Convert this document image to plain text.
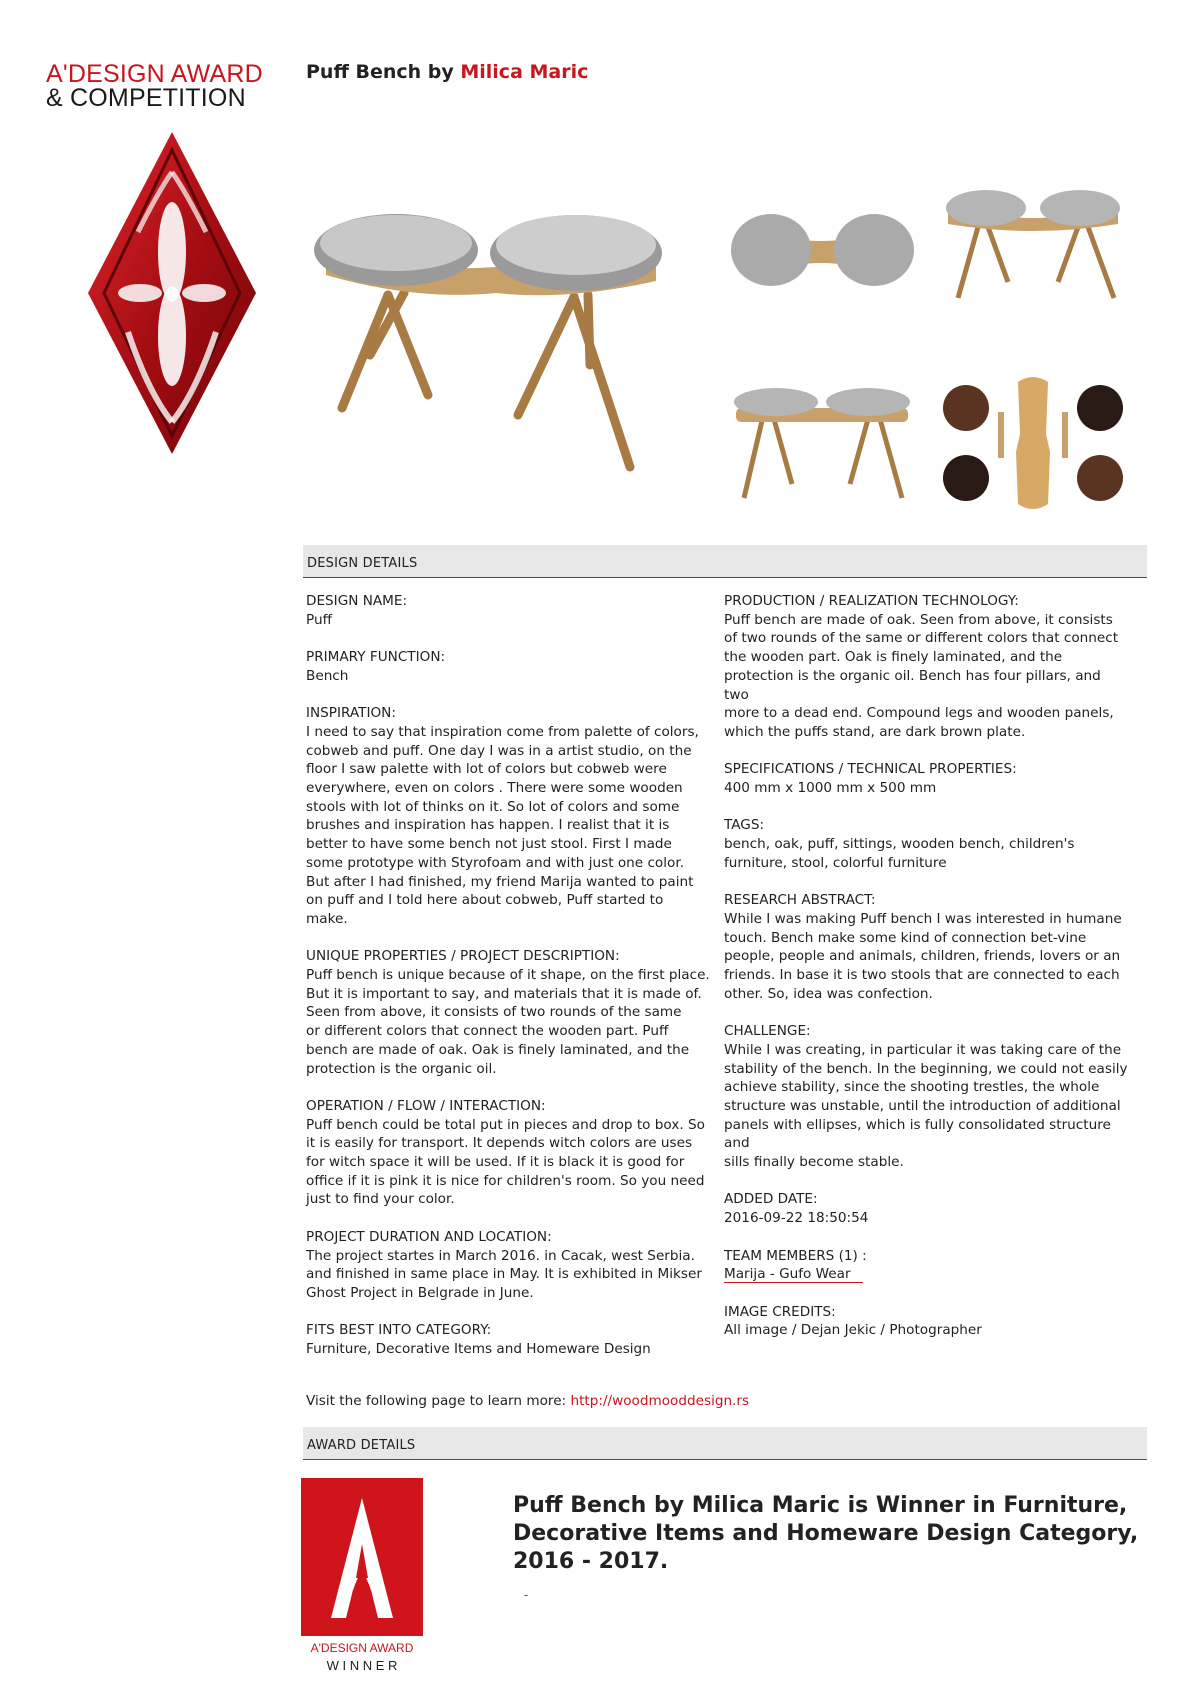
A'DESIGN AWARD
& COMPETITION
Puff Bench by Milica Maric
DESIGN DETAILS
DESIGN NAME:
Puff
PRIMARY FUNCTION:
Bench
INSPIRATION:
I need to say that inspiration come from palette of colors,
cobweb and puff. One day I was in a artist studio, on the
floor I saw palette with lot of colors but cobweb were
everywhere, even on colors . There were some wooden
stools with lot of thinks on it. So lot of colors and some
brushes and inspiration has happen. I realist that it is
better to have some bench not just stool. First I made
some prototype with Styrofoam and with just one color.
But after I had finished, my friend Marija wanted to paint
on puff and I told here about cobweb, Puff started to
make.
UNIQUE PROPERTIES / PROJECT DESCRIPTION:
Puff bench is unique because of it shape, on the first place.
But it is important to say, and materials that it is made of.
Seen from above, it consists of two rounds of the same
or different colors that connect the wooden part. Puff
bench are made of oak. Oak is finely laminated, and the
protection is the organic oil.
OPERATION / FLOW / INTERACTION:
Puff bench could be total put in pieces and drop to box. So
it is easily for transport. It depends witch colors are uses
for witch space it will be used. If it is black it is good for
office if it is pink it is nice for children's room. So you need
just to find your color.
PROJECT DURATION AND LOCATION:
The project startes in March 2016. in Cacak, west Serbia.
and finished in same place in May. It is exhibited in Mikser
Ghost Project in Belgrade in June.
FITS BEST INTO CATEGORY:
Furniture, Decorative Items and Homeware Design
PRODUCTION / REALIZATION TECHNOLOGY:
Puff bench are made of oak. Seen from above, it consists
of two rounds of the same or different colors that connect
the wooden part. Oak is finely laminated, and the
protection is the organic oil. Bench has four pillars, and two
more to a dead end. Compound legs and wooden panels,
which the puffs stand, are dark brown plate.
SPECIFICATIONS / TECHNICAL PROPERTIES:
400 mm x 1000 mm x 500 mm
TAGS:
bench, oak, puff, sittings, wooden bench, children's
furniture, stool, colorful furniture
RESEARCH ABSTRACT:
While I was making Puff bench I was interested in humane
touch. Bench make some kind of connection bet-vine
people, people and animals, children, friends, lovers or an
friends. In base it is two stools that are connected to each
other. So, idea was confection.
CHALLENGE:
While I was creating, in particular it was taking care of the
stability of the bench. In the beginning, we could not easily
achieve stability, since the shooting trestles, the whole
structure was unstable, until the introduction of additional
panels with ellipses, which is fully consolidated structure and
sills finally become stable.
ADDED DATE:
2016-09-22 18:50:54
TEAM MEMBERS (1) :
Marija - Gufo Wear
IMAGE CREDITS:
All image / Dejan Jekic / Photographer
Visit the following page to learn more: http://woodmooddesign.rs
AWARD DETAILS
A'DESIGN AWARD
W I N N E R
Puff Bench by Milica Maric is Winner in Furniture,
Decorative Items and Homeware Design Category,
2016 - 2017.
-
